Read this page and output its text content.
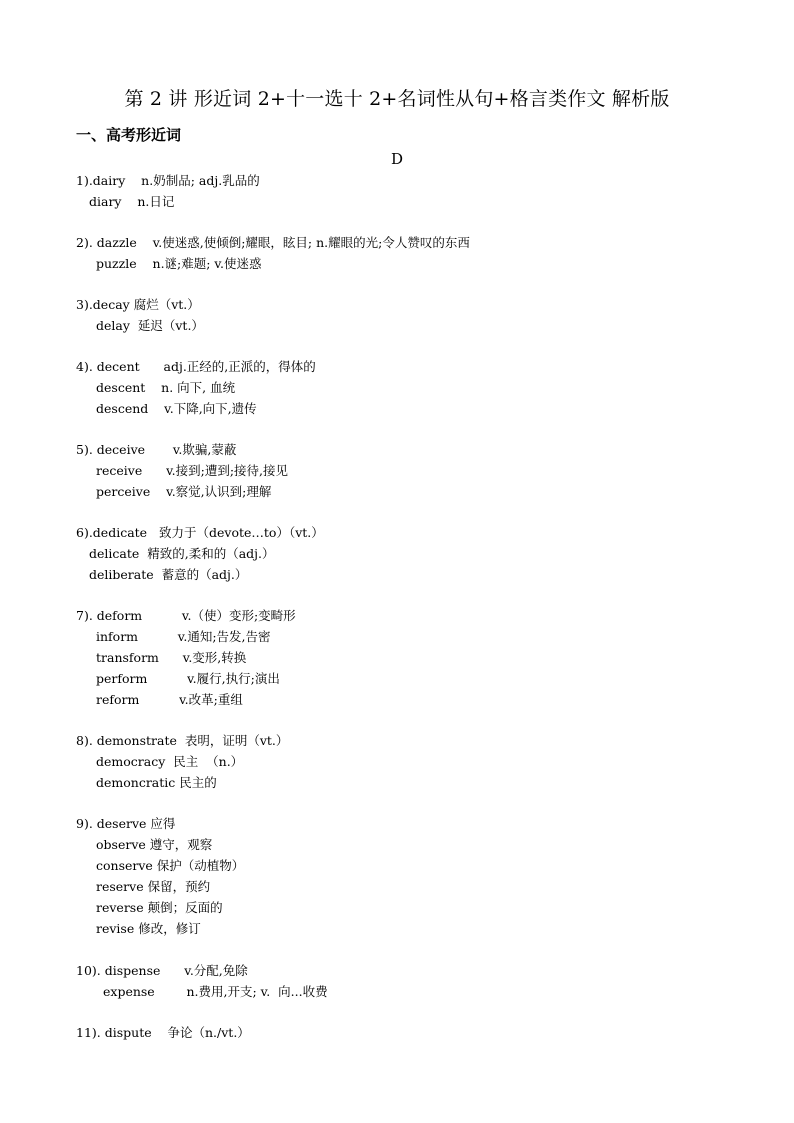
第 2 讲 形近词 2+十一选十 2+名词性从句+格言类作文 解析版
一、高考形近词
D
1).dairy    n.奶制品; adj.乳品的
diary    n.日记
2). dazzle    v.使迷惑,使倾倒;耀眼，眩目; n.耀眼的光;令人赞叹的东西
puzzle    n.谜;难题; v.使迷惑
3).decay 腐烂（vt.）
delay  延迟（vt.）
4). decent      adj.正经的,正派的，得体的
descent    n. 向下, 血统
descend    v.下降,向下,遗传
5). deceive       v.欺骗,蒙蔽
receive      v.接到;遭到;接待,接见
perceive    v.察觉,认识到;理解
6).dedicate   致力于（devote…to）（vt.）
delicate  精致的,柔和的（adj.）
deliberate  蓄意的（adj.）
7). deform          v.（使）变形;变畸形
inform          v.通知;告发,告密
transform      v.变形,转换
perform          v.履行,执行;演出
reform          v.改革;重组
8). demonstrate  表明，证明（vt.）
democracy  民主  （n.）
demoncratic 民主的
9). deserve 应得
observe 遵守，观察
conserve 保护（动植物）
reserve 保留，预约
reverse 颠倒；反面的
revise 修改，修订
10). dispense      v.分配,免除
expense        n.费用,开支; v.  向...收费
11). dispute    争论（n./vt.）
